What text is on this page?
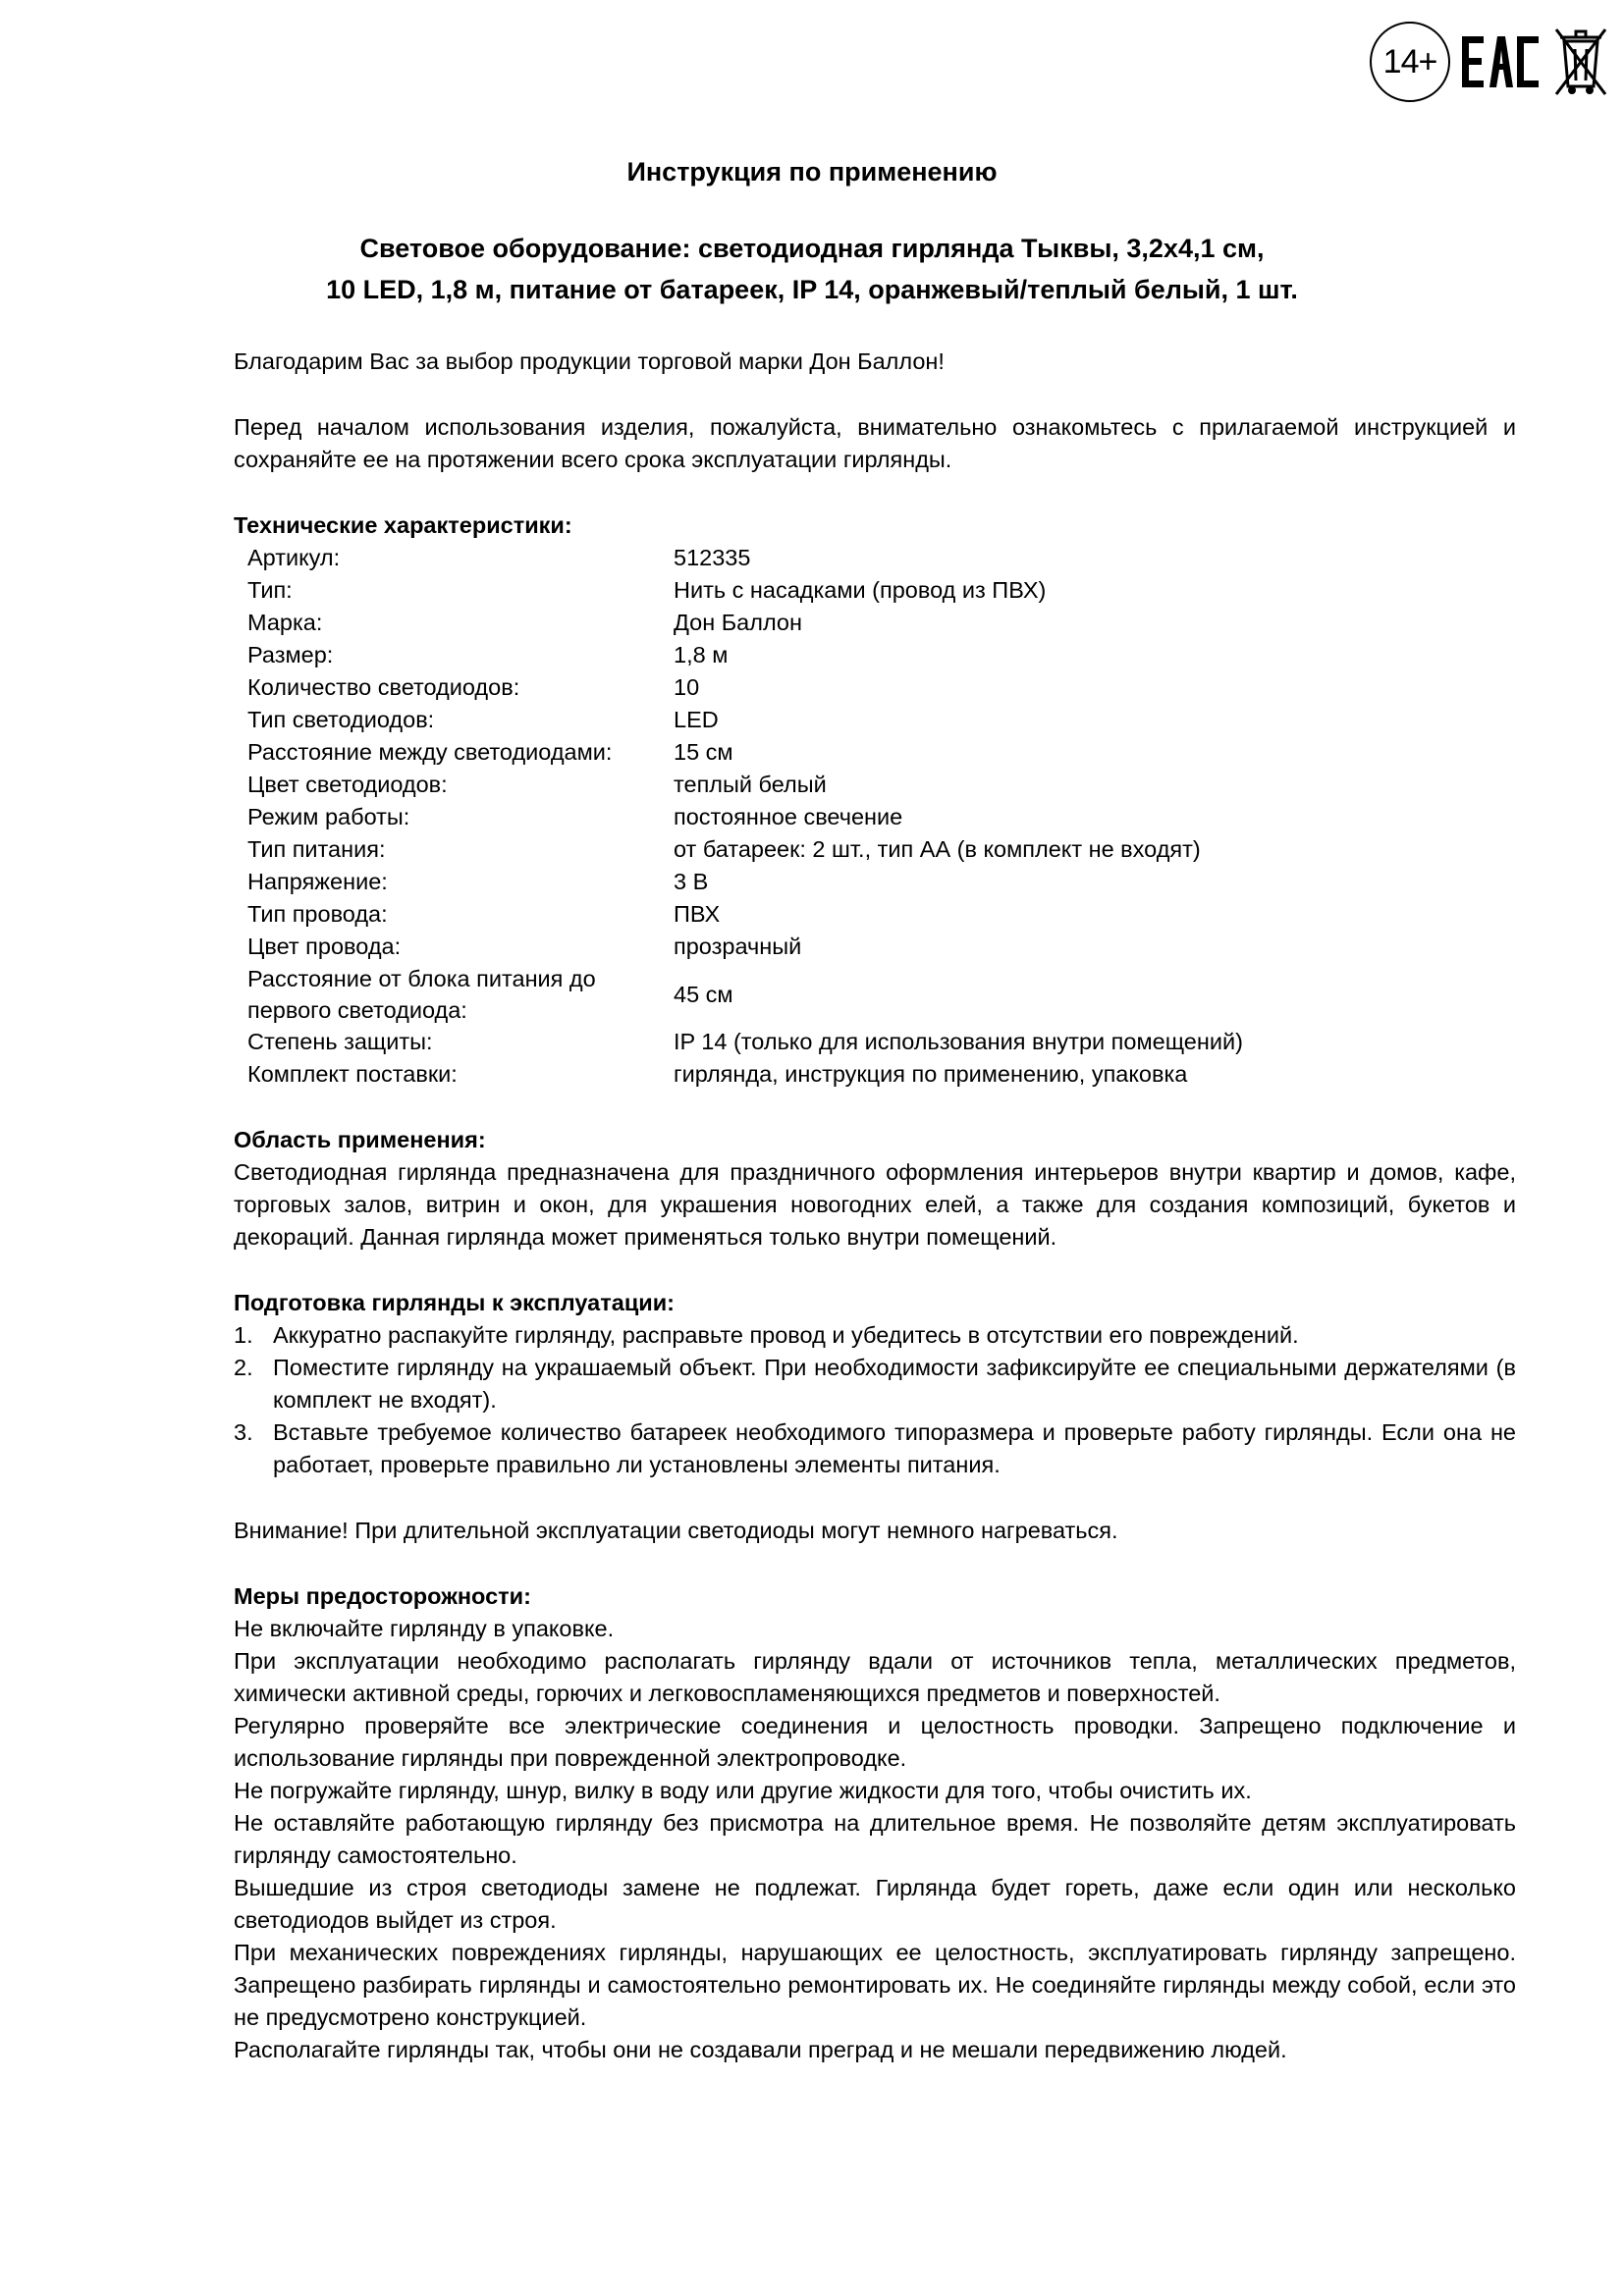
14+
Инструкция по применению
Световое оборудование: светодиодная гирлянда Тыквы, 3,2х4,1 см,
10 LED, 1,8 м, питание от батареек, IP 14, оранжевый/теплый белый, 1 шт.

Благодарим Вас за выбор продукции торговой марки Дон Баллон!

Перед началом использования изделия, пожалуйста, внимательно ознакомьтесь с прилагаемой инструкцией и сохраняйте ее на протяжении всего срока эксплуатации гирлянды.

Технические характеристики:

Артикул:	512335
Тип:	Нить с насадками (провод из ПВХ)
Марка:	Дон Баллон
Размер:	1,8 м
Количество светодиодов:	10
Тип светодиодов:	LED
Расстояние между светодиодами:	15 см
Цвет светодиодов:	теплый белый
Режим работы:	постоянное свечение
Тип питания:	от батареек: 2 шт., тип АА (в комплект не входят)
Напряжение:	3 В
Тип провода:	ПВХ
Цвет провода:	прозрачный
Расстояние от блока питания до
первого светодиода:	45 см
Степень защиты:	IP 14 (только для использования внутри помещений)
Комплект поставки:	гирлянда, инструкция по применению, упаковка

Область применения:

Светодиодная гирлянда предназначена для праздничного оформления интерьеров внутри квартир и домов, кафе, торговых залов, витрин и окон, для украшения новогодних елей, а также для создания композиций, букетов и декораций. Данная гирлянда может применяться только внутри помещений.

Подготовка гирлянды к эксплуатации:

1. Аккуратно распакуйте гирлянду, расправьте провод и убедитесь в отсутствии его повреждений.
2. Поместите гирлянду на украшаемый объект. При необходимости зафиксируйте ее специальными держателями (в комплект не входят).
3. Вставьте требуемое количество батареек необходимого типоразмера и проверьте работу гирлянды. Если она не работает, проверьте правильно ли установлены элементы питания.

Внимание! При длительной эксплуатации светодиоды могут немного нагреваться.

Меры предосторожности:

Не включайте гирлянду в упаковке.

При эксплуатации необходимо располагать гирлянду вдали от источников тепла, металлических предметов, химически активной среды, горючих и легковоспламеняющихся предметов и поверхностей.

Регулярно проверяйте все электрические соединения и целостность проводки. Запрещено подключение и использование гирлянды при поврежденной электропроводке.

Не погружайте гирлянду, шнур, вилку в воду или другие жидкости для того, чтобы очистить их.

Не оставляйте работающую гирлянду без присмотра на длительное время. Не позволяйте детям эксплуатировать гирлянду самостоятельно.

Вышедшие из строя светодиоды замене не подлежат. Гирлянда будет гореть, даже если один или несколько светодиодов выйдет из строя.

При механических повреждениях гирлянды, нарушающих ее целостность, эксплуатировать гирлянду запрещено. Запрещено разбирать гирлянды и самостоятельно ремонтировать их. Не соединяйте гирлянды между собой, если это не предусмотрено конструкцией.

Располагайте гирлянды так, чтобы они не создавали преград и не мешали передвижению людей.
